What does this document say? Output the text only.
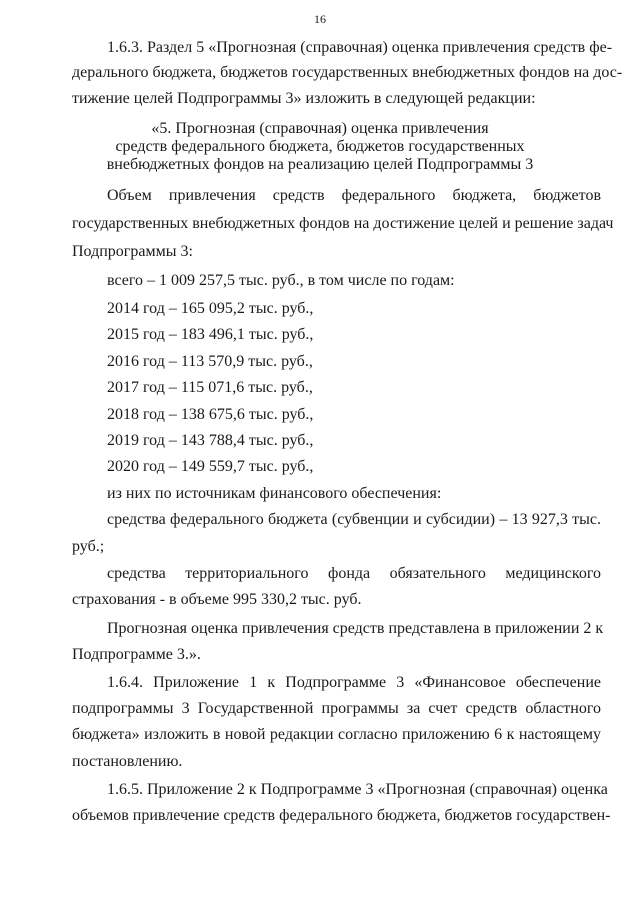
16
1.6.3. Раздел 5 «Прогнозная (справочная) оценка привлечения средств фе-
дерального бюджета, бюджетов государственных внебюджетных фондов на дос-
тижение целей Подпрограммы 3» изложить в следующей редакции:
«5. Прогнозная (справочная) оценка привлечения
средств федерального бюджета, бюджетов государственных
внебюджетных фондов на реализацию целей Подпрограммы 3
Объем привлечения средств федерального бюджета, бюджетов
государственных внебюджетных фондов на достижение целей и решение задач
Подпрограммы 3:
всего – 1 009 257,5 тыс. руб., в том числе по годам:
2014 год – 165 095,2 тыс. руб.,
2015 год – 183 496,1 тыс. руб.,
2016 год – 113 570,9 тыс. руб.,
2017 год – 115 071,6 тыс. руб.,
2018 год – 138 675,6 тыс. руб.,
2019 год – 143 788,4 тыс. руб.,
2020 год – 149 559,7 тыс. руб.,
из них по источникам финансового обеспечения:
средства федерального бюджета (субвенции и субсидии) – 13 927,3 тыс.
руб.;
средства территориального фонда обязательного медицинского
страхования - в объеме 995 330,2 тыс. руб.
Прогнозная оценка привлечения средств представлена в приложении 2 к
Подпрограмме 3.».
1.6.4. Приложение 1 к Подпрограмме 3 «Финансовое обеспечение
подпрограммы 3 Государственной программы за счет средств областного
бюджета» изложить в новой редакции согласно приложению 6 к настоящему
постановлению.
1.6.5. Приложение 2 к Подпрограмме 3 «Прогнозная (справочная) оценка
объемов привлечение средств федерального бюджета, бюджетов государствен-
